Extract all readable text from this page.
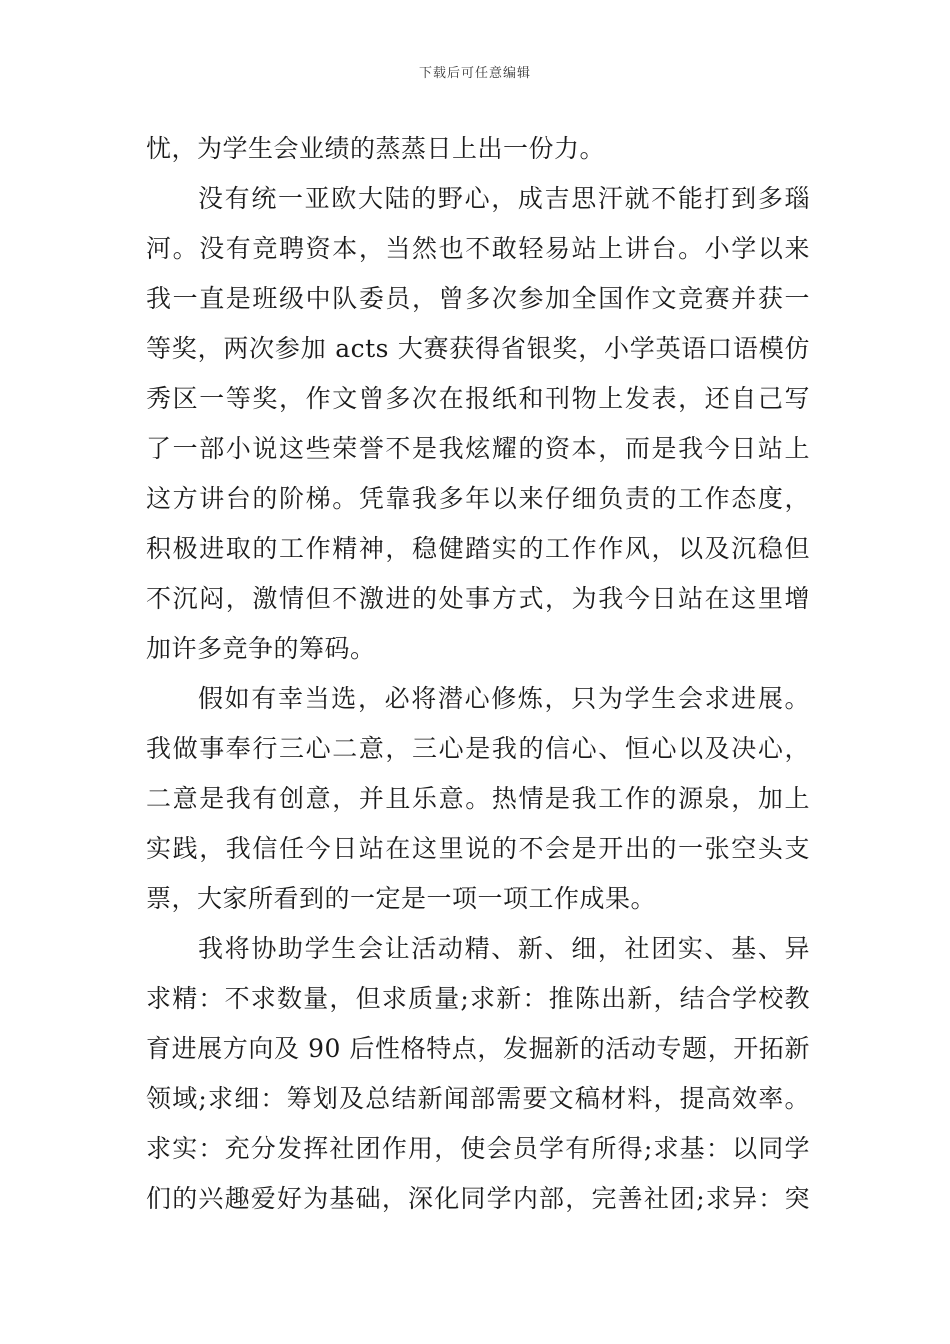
下载后可任意编辑
忧，为学生会业绩的蒸蒸日上出一份力。
没有统一亚欧大陆的野心，成吉思汗就不能打到多瑙
河。没有竞聘资本，当然也不敢轻易站上讲台。小学以来
我一直是班级中队委员，曾多次参加全国作文竞赛并获一
等奖，两次参加 acts 大赛获得省银奖，小学英语口语模仿
秀区一等奖，作文曾多次在报纸和刊物上发表，还自己写
了一部小说这些荣誉不是我炫耀的资本，而是我今日站上
这方讲台的阶梯。凭靠我多年以来仔细负责的工作态度，
积极进取的工作精神，稳健踏实的工作作风，以及沉稳但
不沉闷，激情但不激进的处事方式，为我今日站在这里增
加许多竞争的筹码。
假如有幸当选，必将潜心修炼，只为学生会求进展。
我做事奉行三心二意，三心是我的信心、恒心以及决心，
二意是我有创意，并且乐意。热情是我工作的源泉，加上
实践，我信任今日站在这里说的不会是开出的一张空头支
票，大家所看到的一定是一项一项工作成果。
我将协助学生会让活动精、新、细，社团实、基、异
求精：不求数量，但求质量;求新：推陈出新，结合学校教
育进展方向及 90 后性格特点，发掘新的活动专题，开拓新
领域;求细：筹划及总结新闻部需要文稿材料，提高效率。
求实：充分发挥社团作用，使会员学有所得;求基：以同学
们的兴趣爱好为基础，深化同学内部，完善社团;求异：突
